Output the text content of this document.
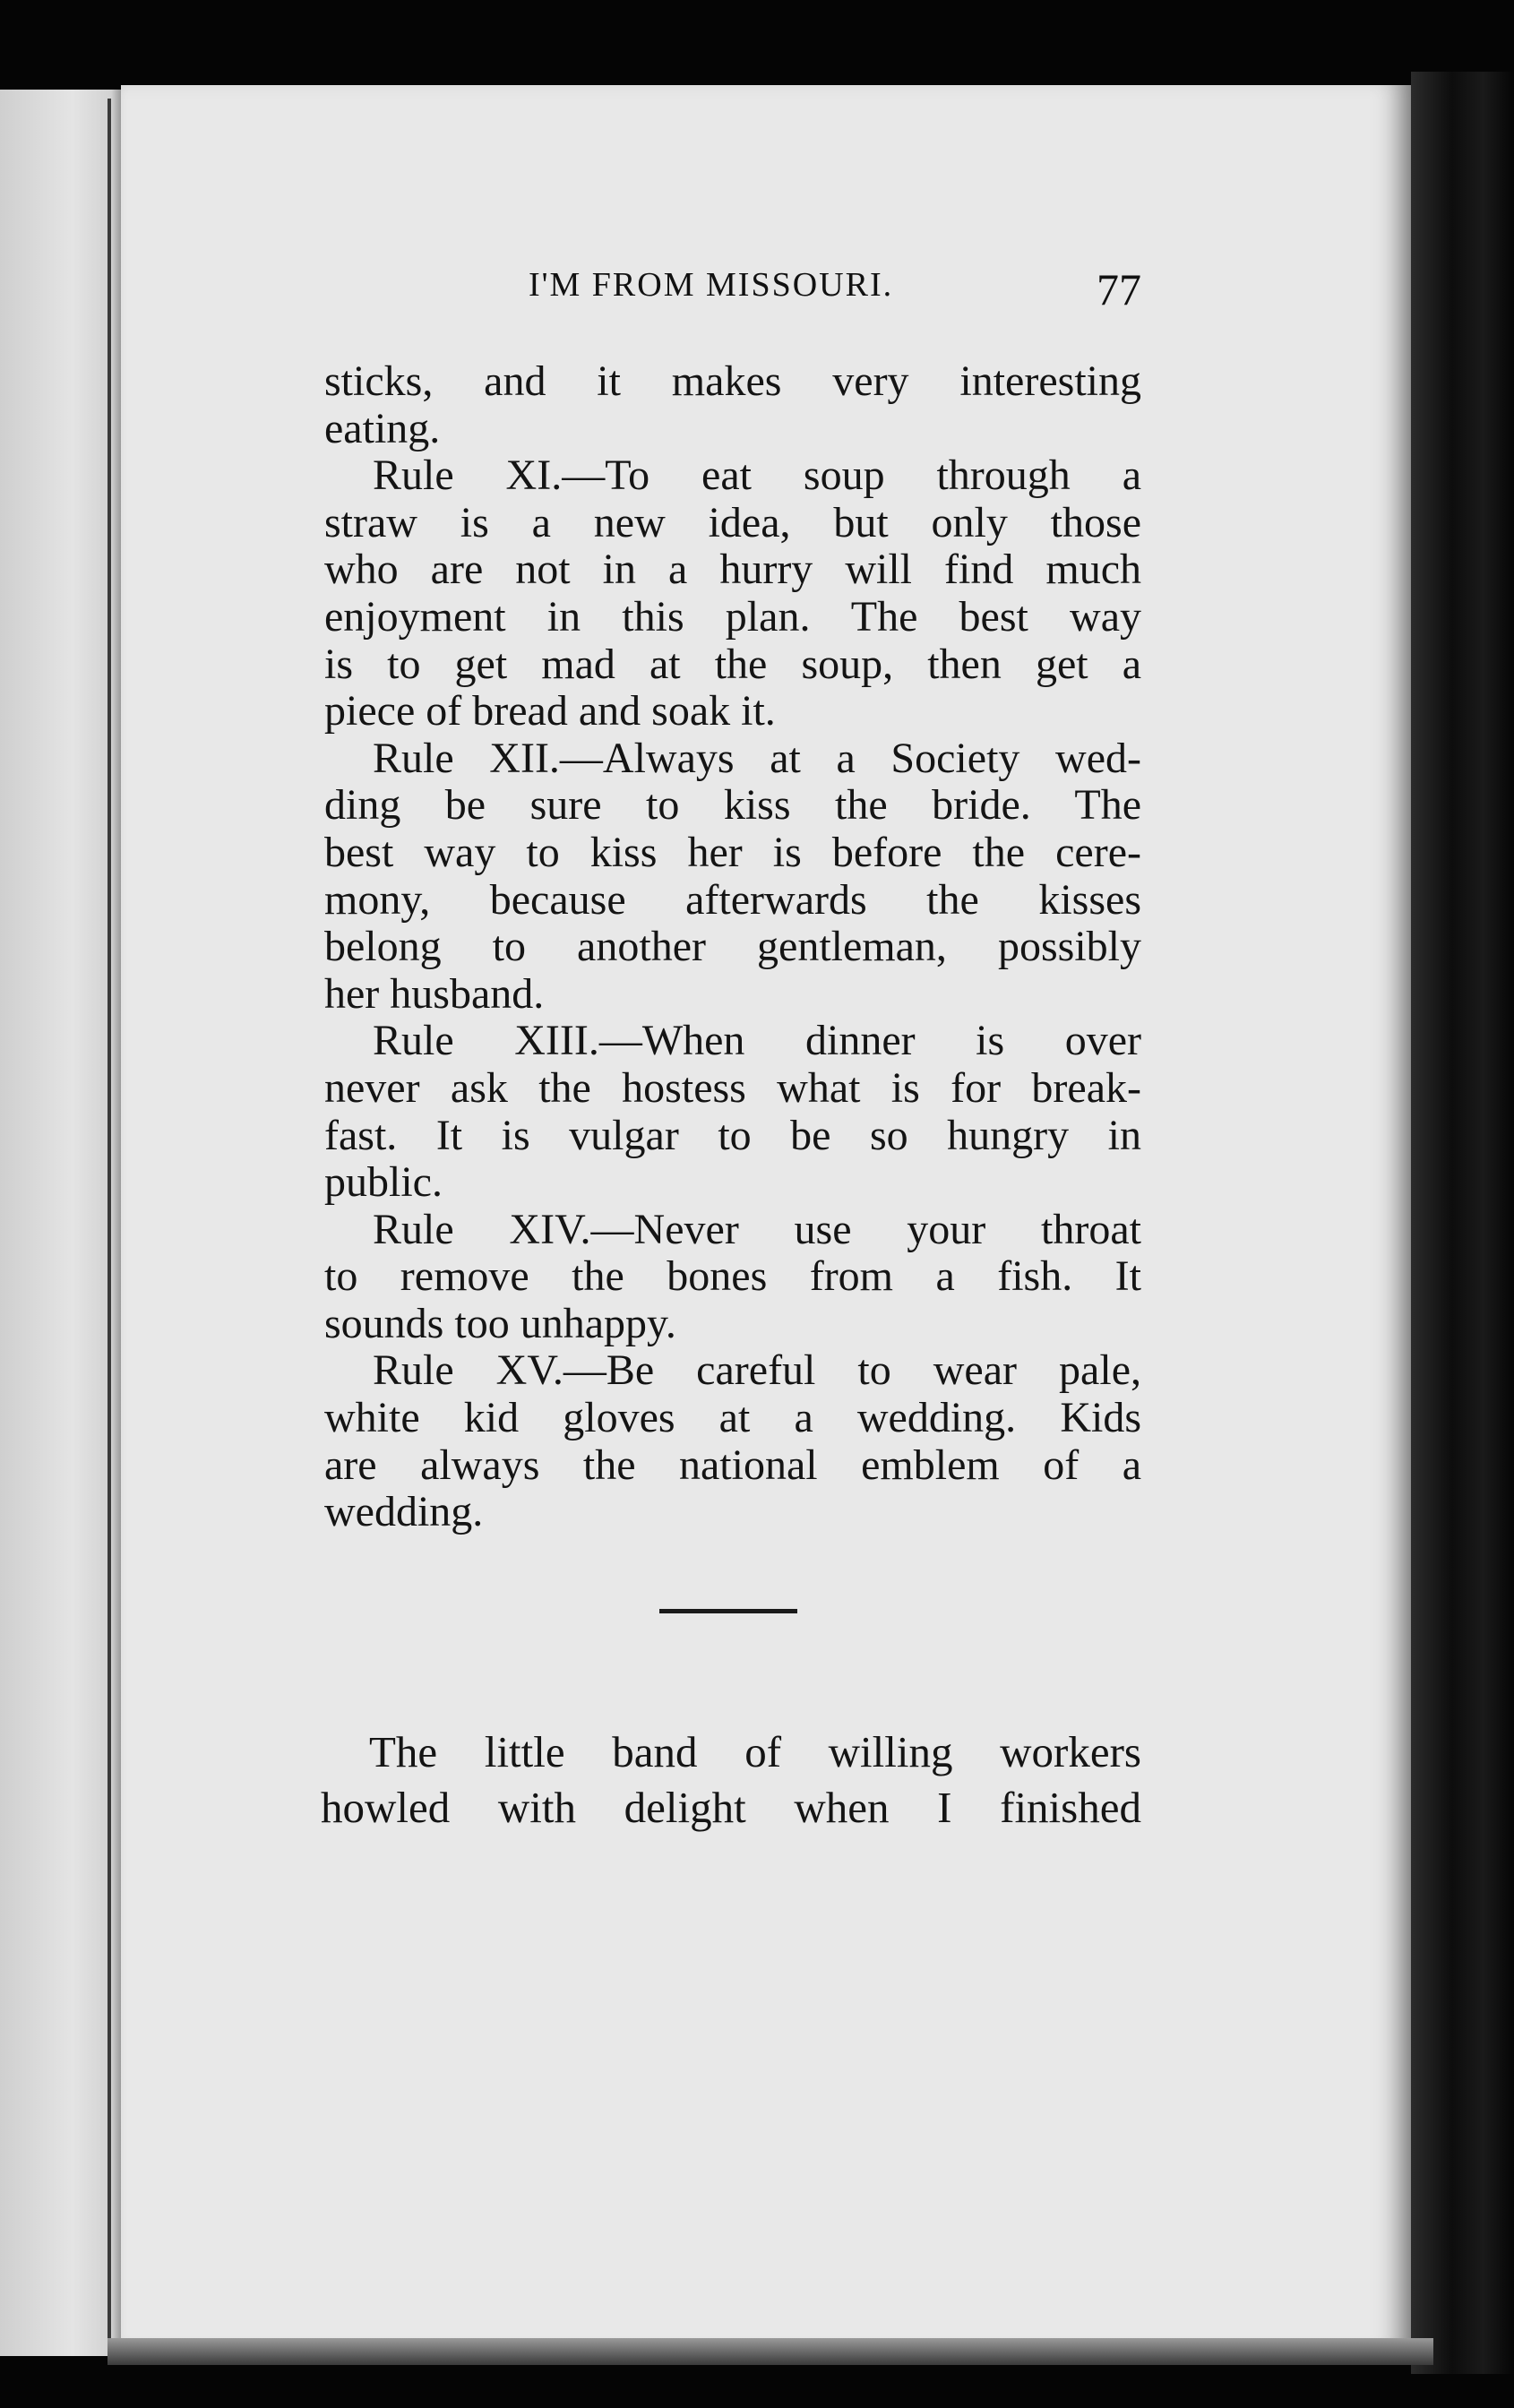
I'M FROM MISSOURI.	77
sticks, and it makes very interesting
eating.
Rule XI.—To eat soup through a
straw is a new idea, but only those
who are not in a hurry will find much
enjoyment in this plan. The best way
is to get mad at the soup, then get a
piece of bread and soak it.
Rule XII.—Always at a Society wed-
ding be sure to kiss the bride. The
best way to kiss her is before the cere-
mony, because afterwards the kisses
belong to another gentleman, possibly
her husband.
Rule XIII.—When dinner is over
never ask the hostess what is for break-
fast. It is vulgar to be so hungry in
public.
Rule XIV.—Never use your throat
to remove the bones from a fish. It
sounds too unhappy.
Rule XV.—Be careful to wear pale,
white kid gloves at a wedding. Kids
are always the national emblem of a
wedding.
The little band of willing workers
howled with delight when I finished
